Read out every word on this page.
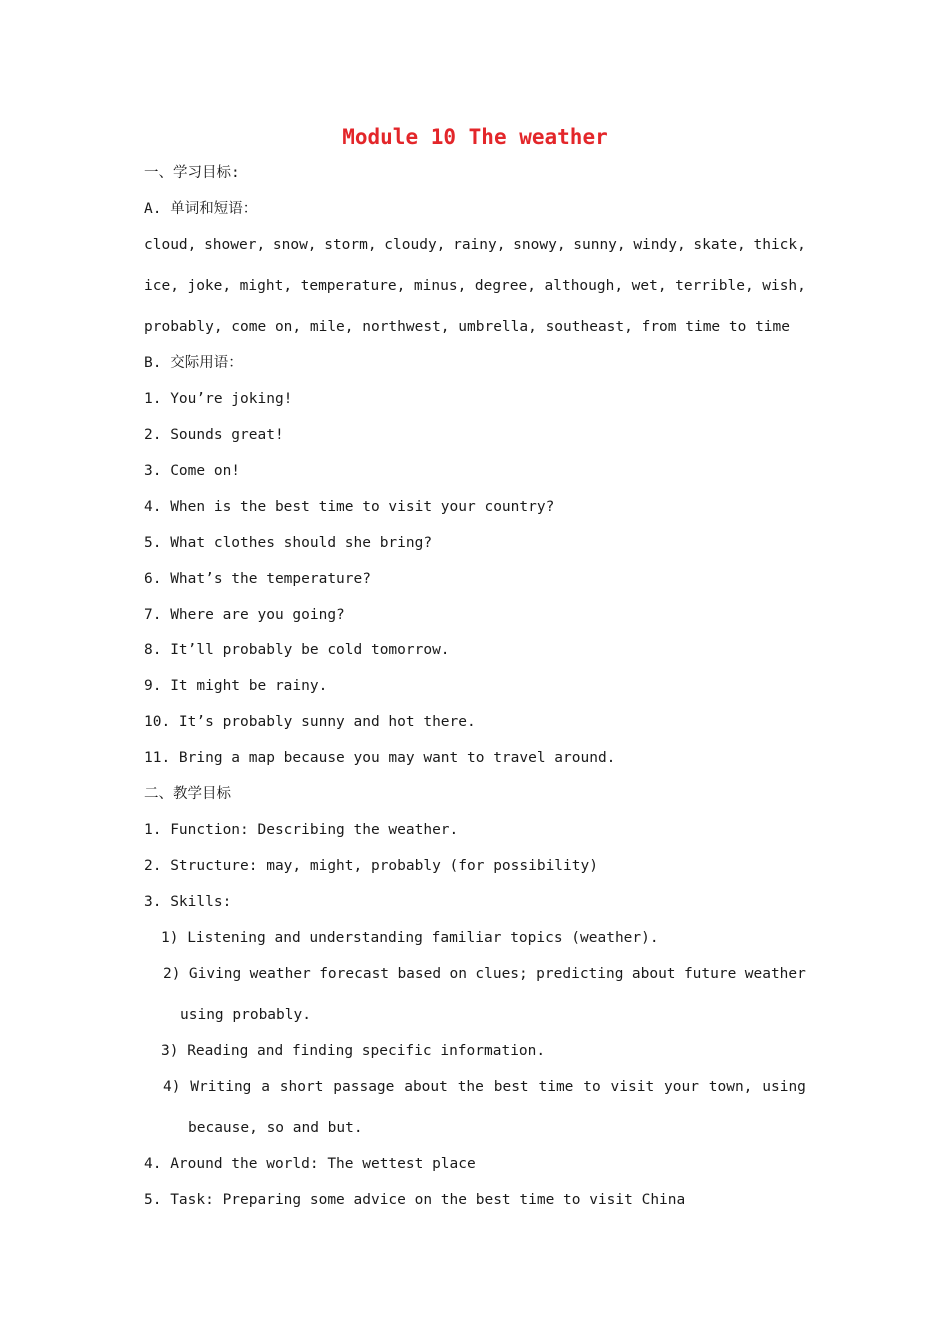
Module 10 The weather
一、学习目标:
A. 单词和短语：
cloud, shower, snow, storm, cloudy, rainy, snowy, sunny, windy, skate, thick,
ice, joke, might, temperature, minus, degree, although, wet, terrible, wish,
probably, come on, mile, northwest, umbrella, southeast, from time to time
B. 交际用语：
1. You’re joking!
2. Sounds great!
3. Come on!
4. When is the best time to visit your country?
5. What clothes should she bring?
6. What’s the temperature?
7. Where are you going?
8. It’ll probably be cold tomorrow.
9. It might be rainy.
10. It’s probably sunny and hot there.
11. Bring a map because you may want to travel around.
二、教学目标
1. Function: Describing the weather.
2. Structure: may, might, probably (for possibility)
3. Skills:
1) Listening and understanding familiar topics (weather).
2) Giving weather forecast based on clues; predicting about future weather
using probably.
3) Reading and finding specific information.
4) Writing a short passage about the best time to visit your town, using
because, so and but.
4. Around the world: The wettest place
5. Task: Preparing some advice on the best time to visit China
